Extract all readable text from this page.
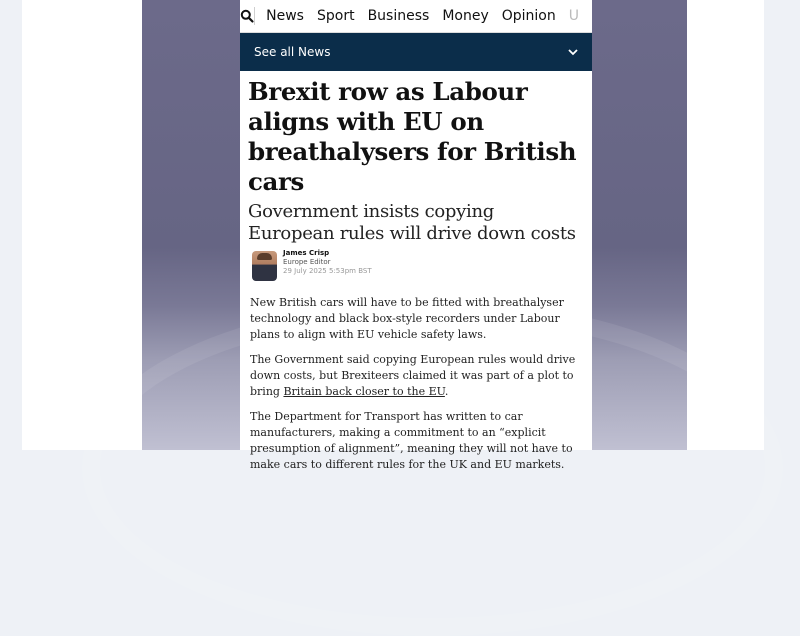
News Sport Business Money Opinion U
See all News
Brexit row as Labour aligns with EU on breathalysers for British cars
Government insists copying European rules will drive down costs
James Crisp
Europe Editor
29 July 2025 5:53pm BST

New British cars will have to be fitted with breathalyser technology and black box-style recorders under Labour plans to align with EU vehicle safety laws.

The Government said copying European rules would drive down costs, but Brexiteers claimed it was part of a plot to bring Britain back closer to the EU.

The Department for Transport has written to car manufacturers, making a commitment to an “explicit presumption of alignment”, meaning they will not have to make cars to different rules for the UK and EU markets.
